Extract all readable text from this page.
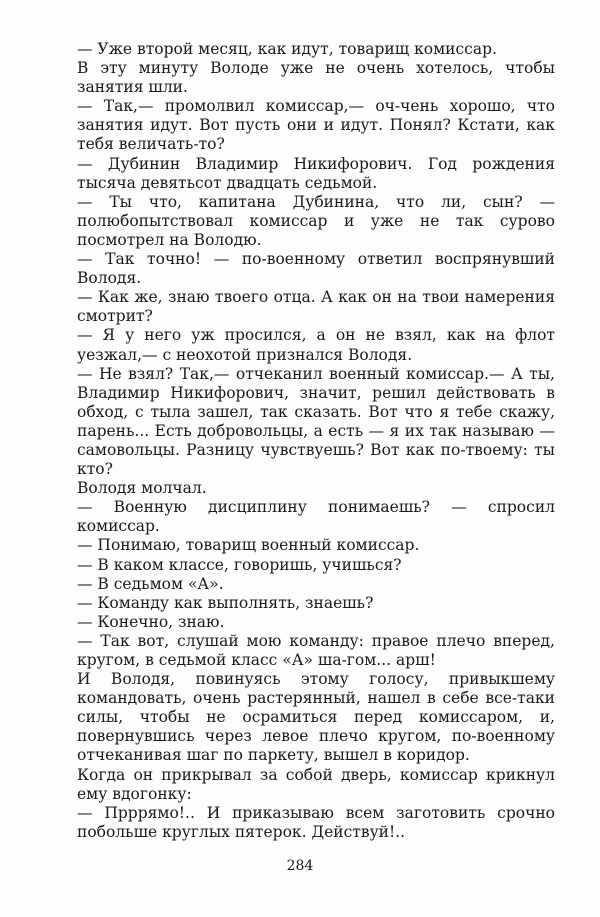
— Уже второй месяц, как идут, товарищ комиссар.

В эту минуту Володе уже не очень хотелось, чтобы занятия шли.

— Так,— промолвил комиссар,— оч-чень хорошо, что занятия идут. Вот пусть они и идут. Понял? Кстати, как тебя величать-то?

— Дубинин Владимир Никифорович. Год рождения тысяча девятьсот двадцать седьмой.

— Ты что, капитана Дубинина, что ли, сын? — полюбопытствовал комиссар и уже не так сурово посмотрел на Володю.

— Так точно! — по-военному ответил воспрянувший Володя.

— Как же, знаю твоего отца. А как он на твои намерения смотрит?

— Я у него уж просился, а он не взял, как на флот уезжал,— с неохотой признался Володя.

— Не взял? Так,— отчеканил военный комиссар.— А ты, Владимир Никифорович, значит, решил действовать в обход, с тыла зашел, так сказать. Вот что я тебе скажу, парень... Есть добровольцы, а есть — я их так называю — самовольцы. Разницу чувствуешь? Вот как по-твоему: ты кто?

Володя молчал.

— Военную дисциплину понимаешь? — спросил комиссар.

— Понимаю, товарищ военный комиссар.

— В каком классе, говоришь, учишься?

— В седьмом «А».

— Команду как выполнять, знаешь?

— Конечно, знаю.

— Так вот, слушай мою команду: правое плечо вперед, кругом, в седьмой класс «А» ша-гом... арш!

И Володя, повинуясь этому голосу, привыкшему командовать, очень растерянный, нашел в себе все-таки силы, чтобы не осрамиться перед комиссаром, и, повернувшись через левое плечо кругом, по-военному отчеканивая шаг по паркету, вышел в коридор.

Когда он прикрывал за собой дверь, комиссар крикнул ему вдогонку:

— Прррямо!.. И приказываю всем заготовить срочно побольше круглых пятерок. Действуй!..

284
